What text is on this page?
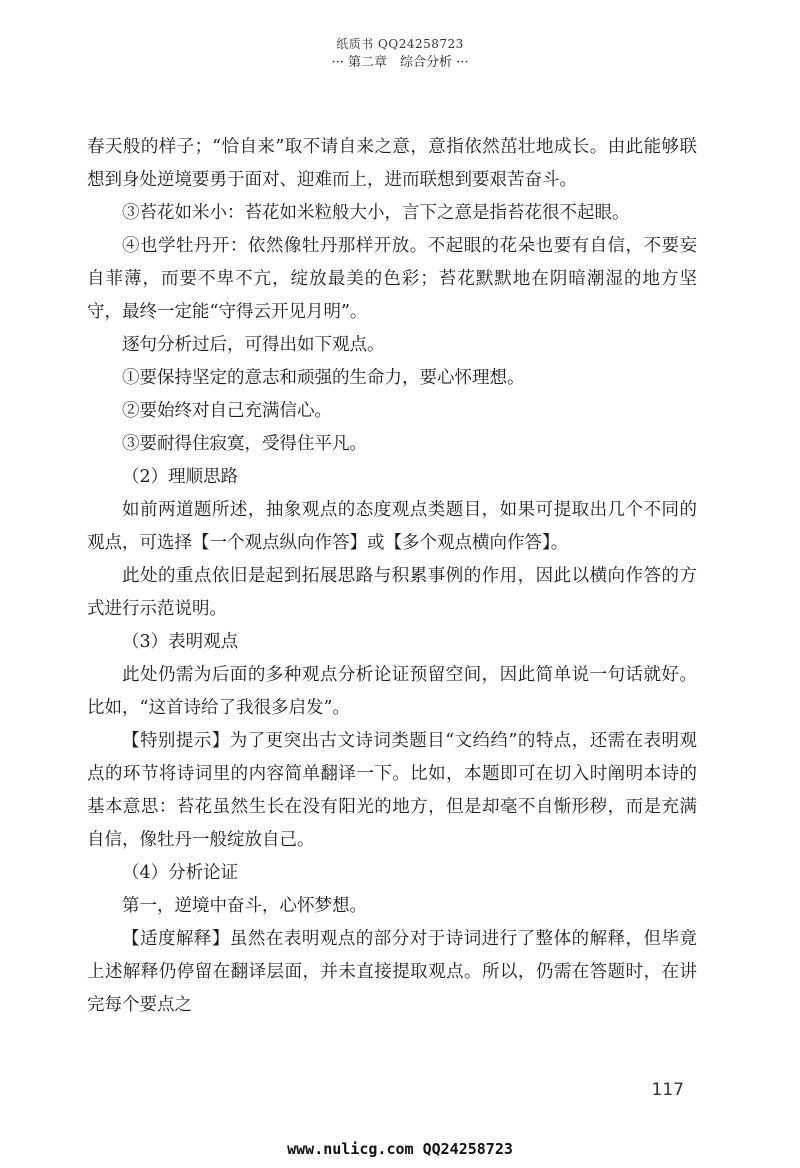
纸质书 QQ24258723
··· 第二章　综合分析 ···

春天般的样子；“恰自来”取不请自来之意，意指依然茁壮地成长。由此能够联想到身处逆境要勇于面对、迎难而上，进而联想到要艰苦奋斗。

③苔花如米小：苔花如米粒般大小，言下之意是指苔花很不起眼。

④也学牡丹开：依然像牡丹那样开放。不起眼的花朵也要有自信，不要妄自菲薄，而要不卑不亢，绽放最美的色彩；苔花默默地在阴暗潮湿的地方坚守，最终一定能“守得云开见月明”。

逐句分析过后，可得出如下观点。

①要保持坚定的意志和顽强的生命力，要心怀理想。

②要始终对自己充满信心。

③要耐得住寂寞，受得住平凡。

（2）理顺思路

如前两道题所述，抽象观点的态度观点类题目，如果可提取出几个不同的观点，可选择【一个观点纵向作答】或【多个观点横向作答】。

此处的重点依旧是起到拓展思路与积累事例的作用，因此以横向作答的方式进行示范说明。

（3）表明观点

此处仍需为后面的多种观点分析论证预留空间，因此简单说一句话就好。比如，“这首诗给了我很多启发”。

【特别提示】为了更突出古文诗词类题目“文绉绉”的特点，还需在表明观点的环节将诗词里的内容简单翻译一下。比如，本题即可在切入时阐明本诗的基本意思：苔花虽然生长在没有阳光的地方，但是却毫不自惭形秽，而是充满自信，像牡丹一般绽放自己。

（4）分析论证

第一，逆境中奋斗，心怀梦想。

【适度解释】虽然在表明观点的部分对于诗词进行了整体的解释，但毕竟上述解释仍停留在翻译层面，并未直接提取观点。所以，仍需在答题时，在讲完每个要点之

117
www.nulicg.com QQ24258723
